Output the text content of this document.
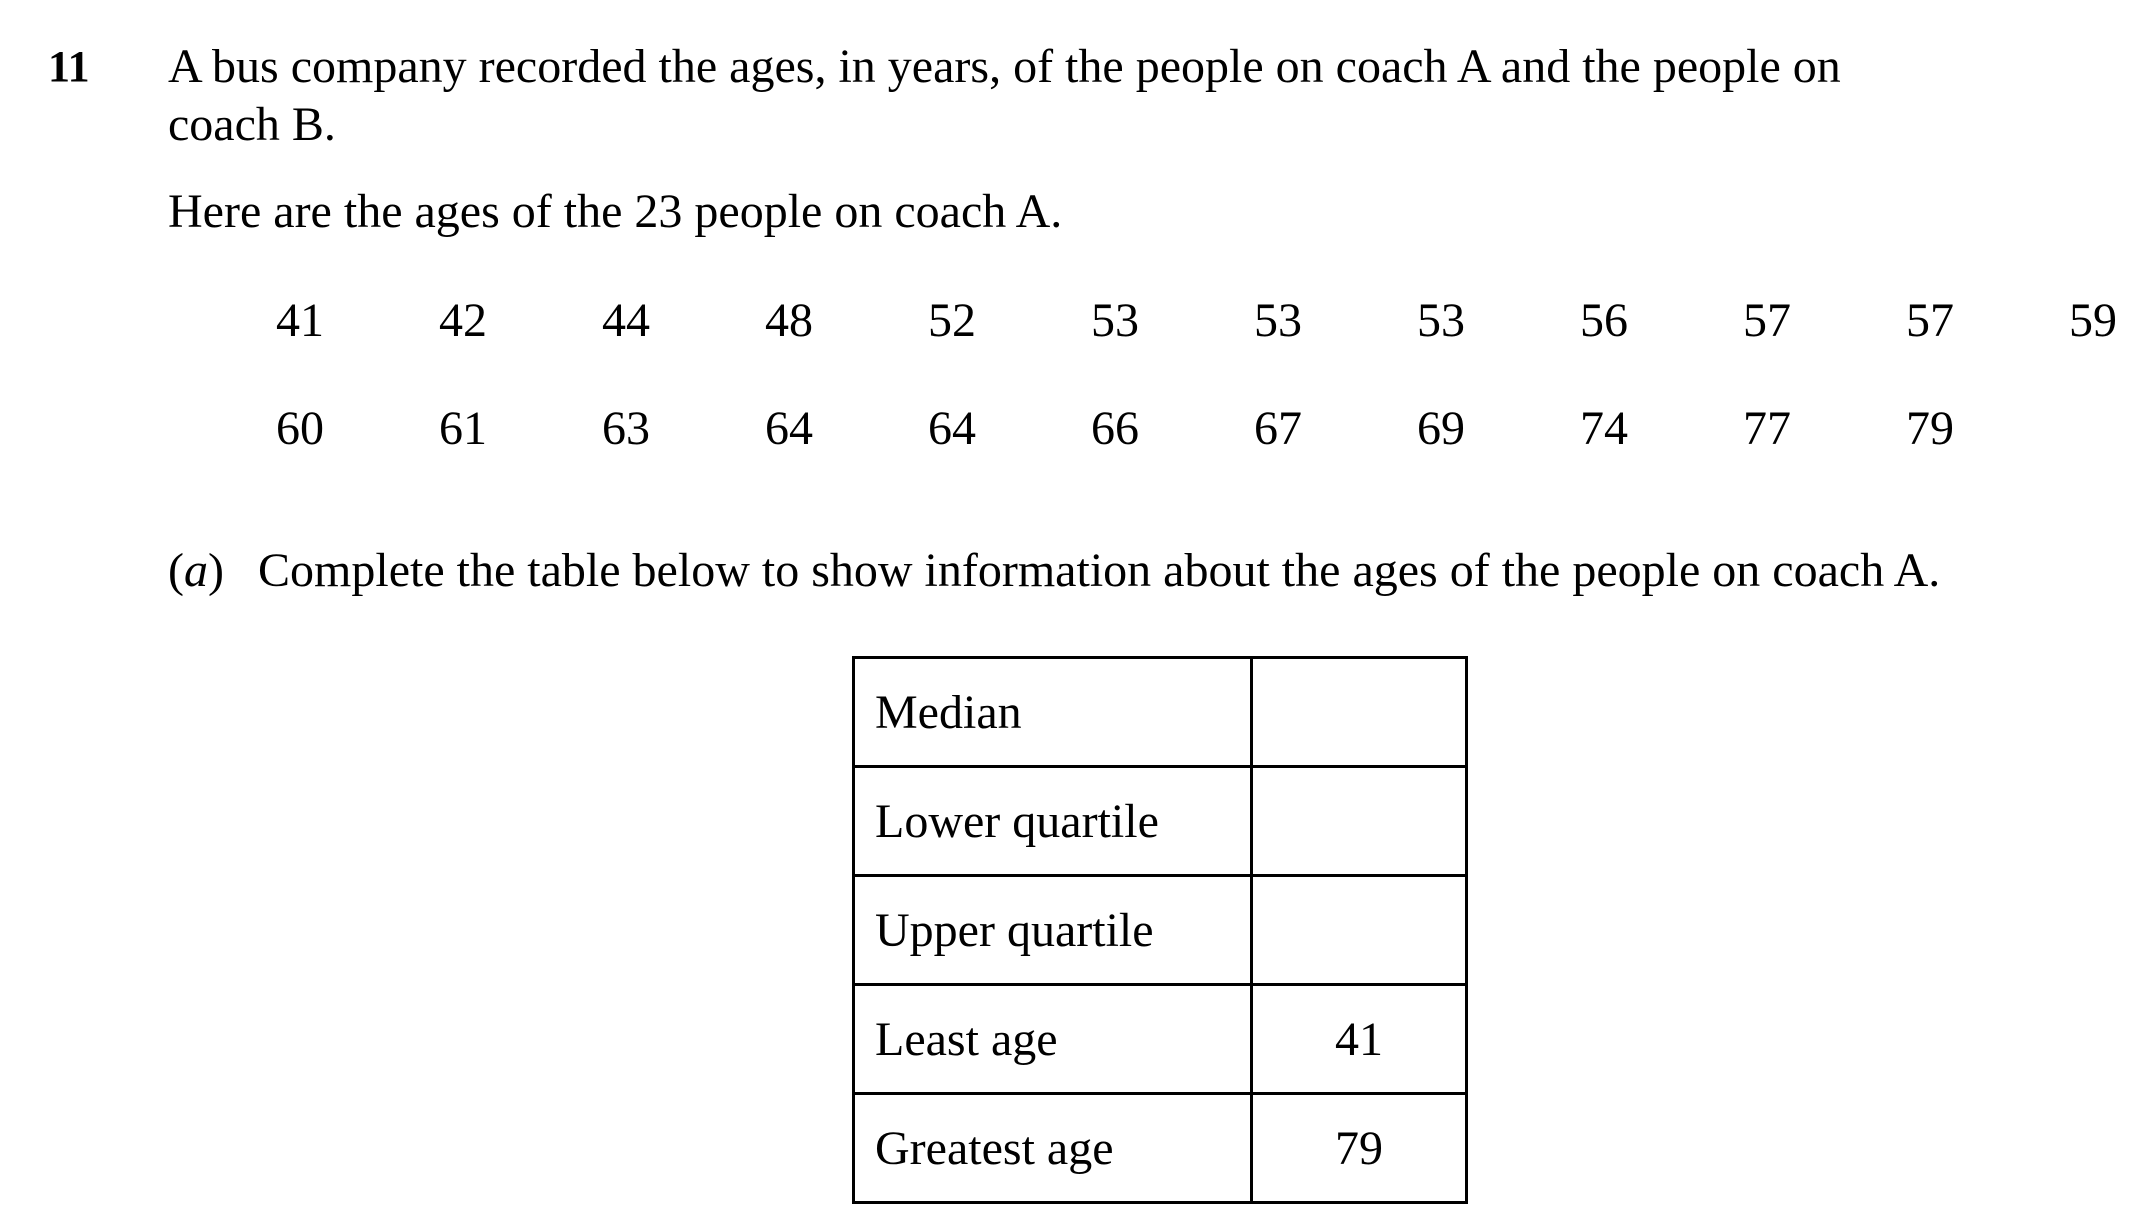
11 A bus company recorded the ages, in years, of the people on coach A and the people on coach B.
Here are the ages of the 23 people on coach A.
41	42	44	48	52	53	53	53	56	57	57	59
60	61	63	64	64	66	67	69	74	77	79
(a) Complete the table below to show information about the ages of the people on coach A.
Median	
Lower quartile	
Upper quartile	
Least age	41
Greatest age	79
